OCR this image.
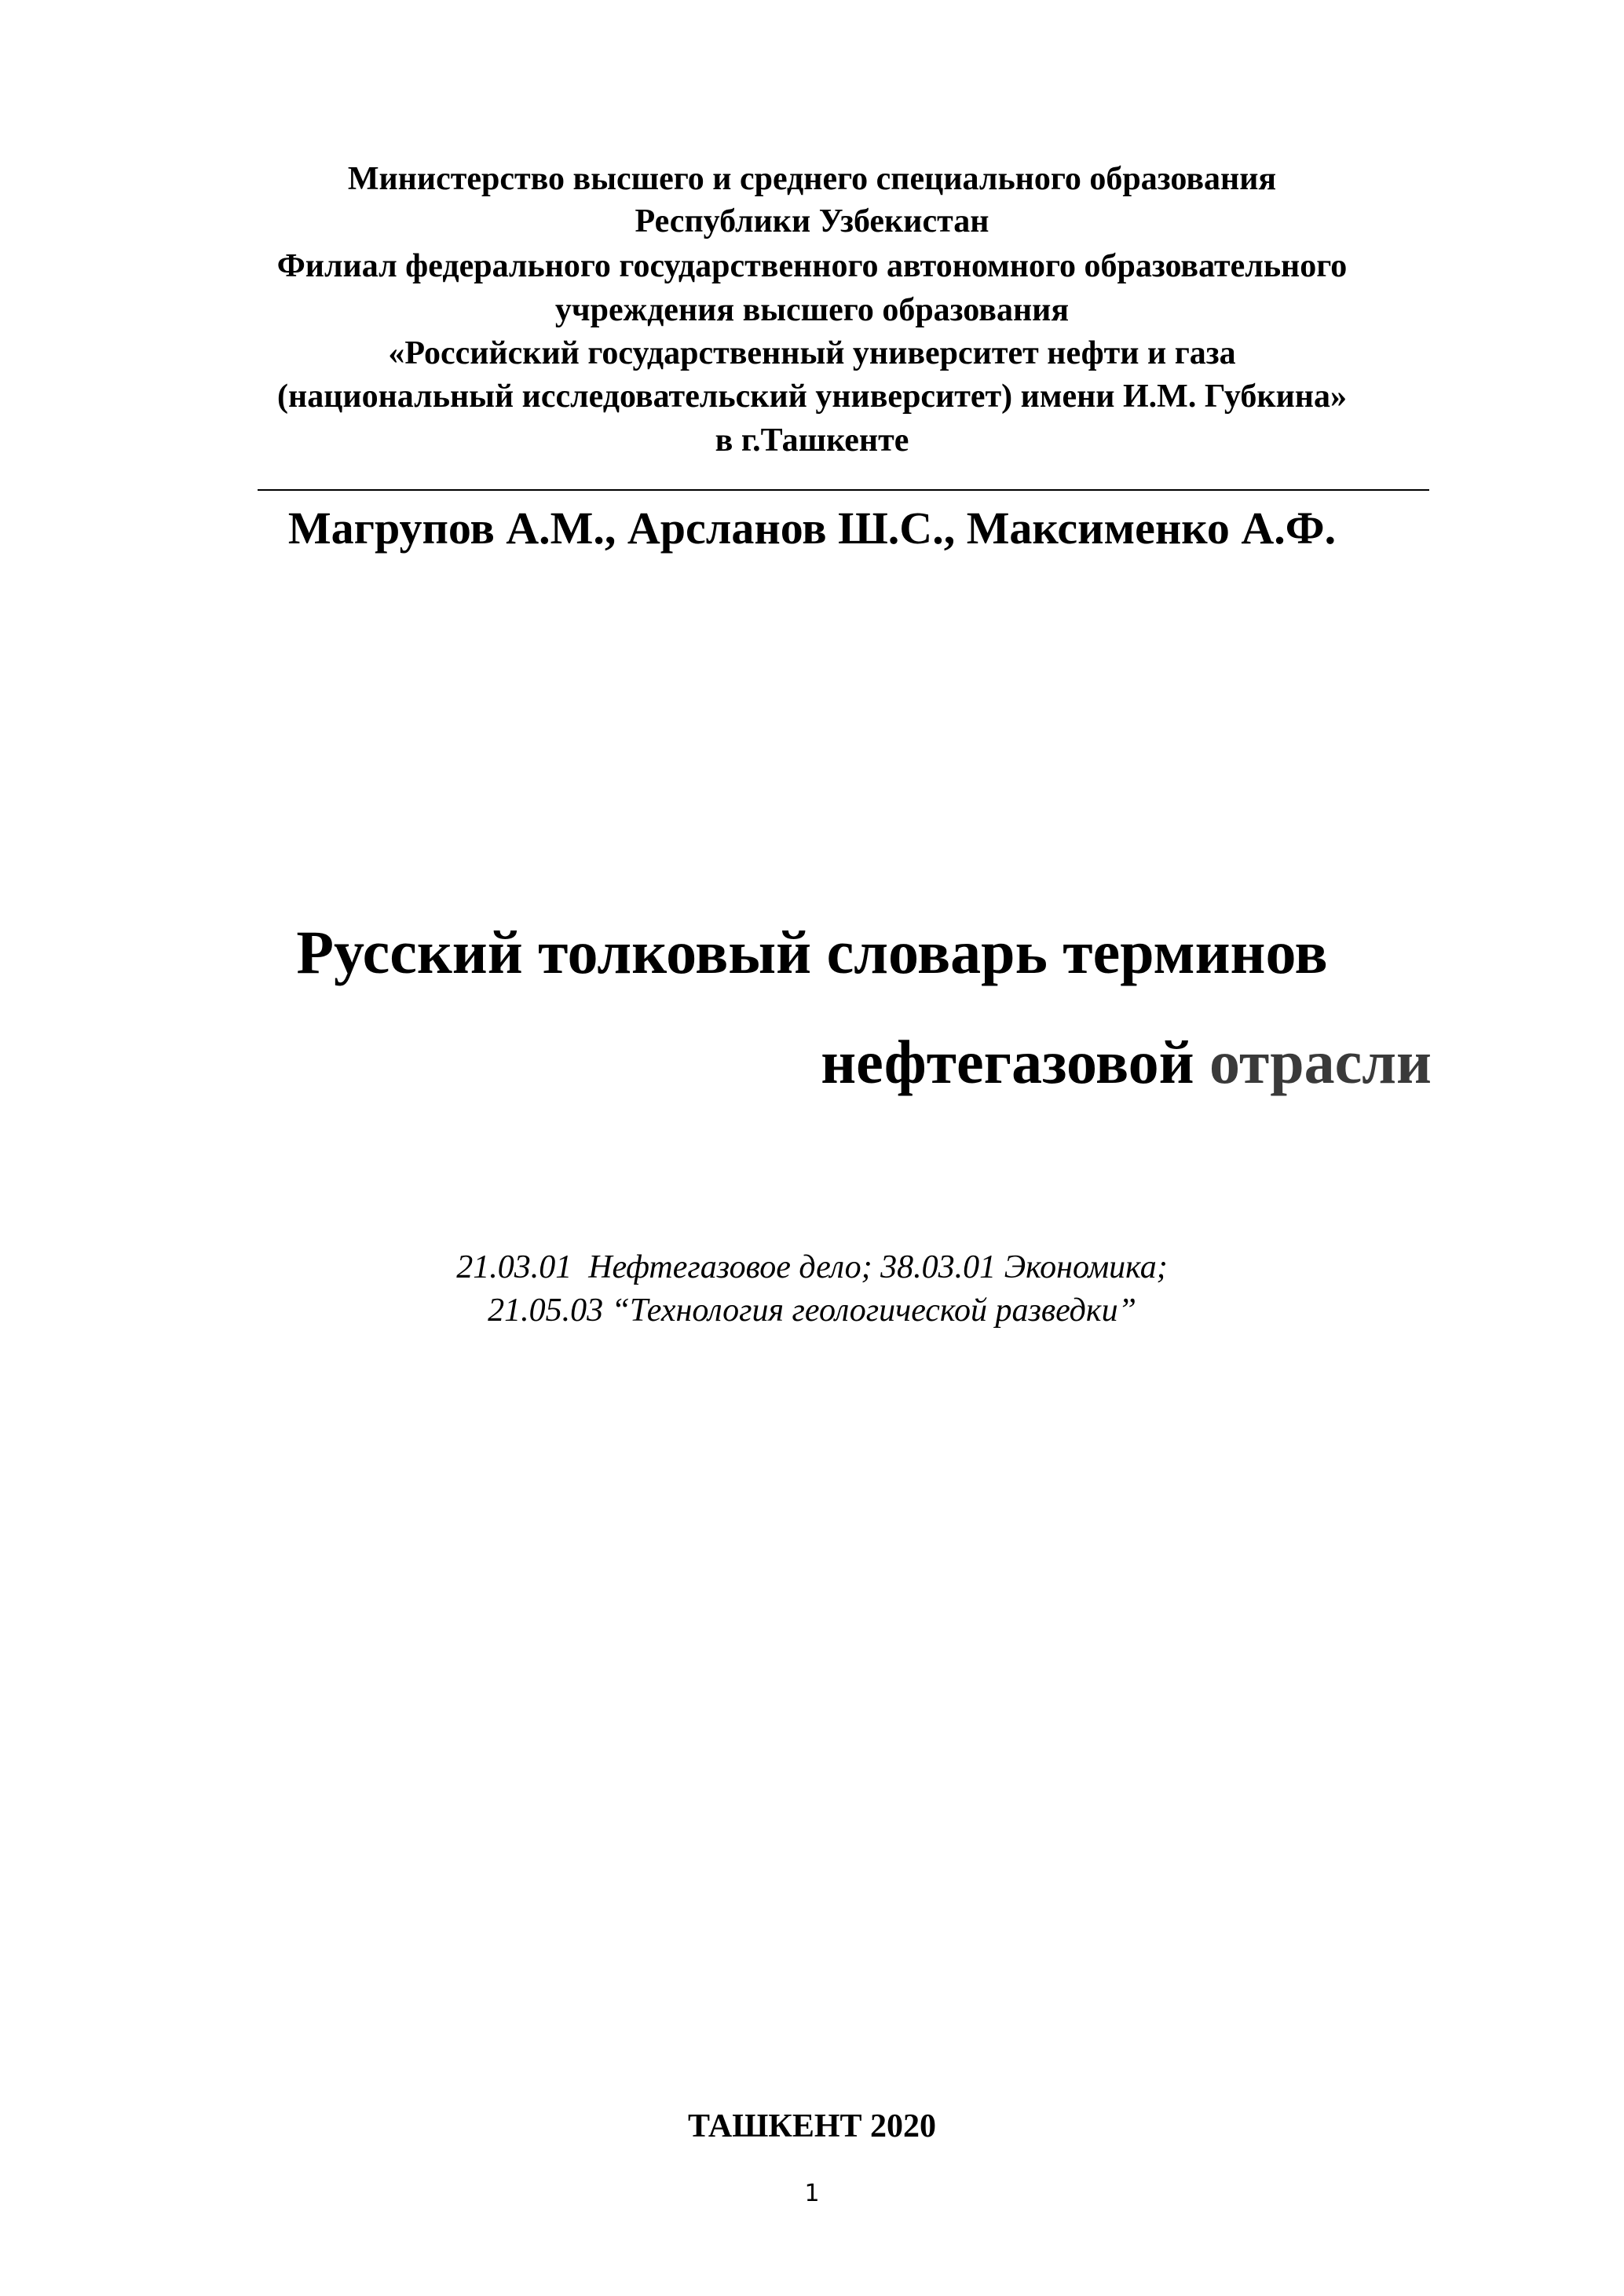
Министерство высшего и среднего специального образования
Республики Узбекистан
Филиал федерального государственного автономного образовательного
учреждения высшего образования
«Российский государственный университет нефти и газа
(национальный исследовательский университет) имени И.М. Губкина»
в г.Ташкенте
Магрупов А.М., Арсланов Ш.С., Максименко А.Ф.
Русский толковый словарь терминов
нефтегазовой отрасли
21.03.01  Нефтегазовое дело; 38.03.01 Экономика;
21.05.03 “Технология геологической разведки”
ТАШКЕНТ 2020
1
